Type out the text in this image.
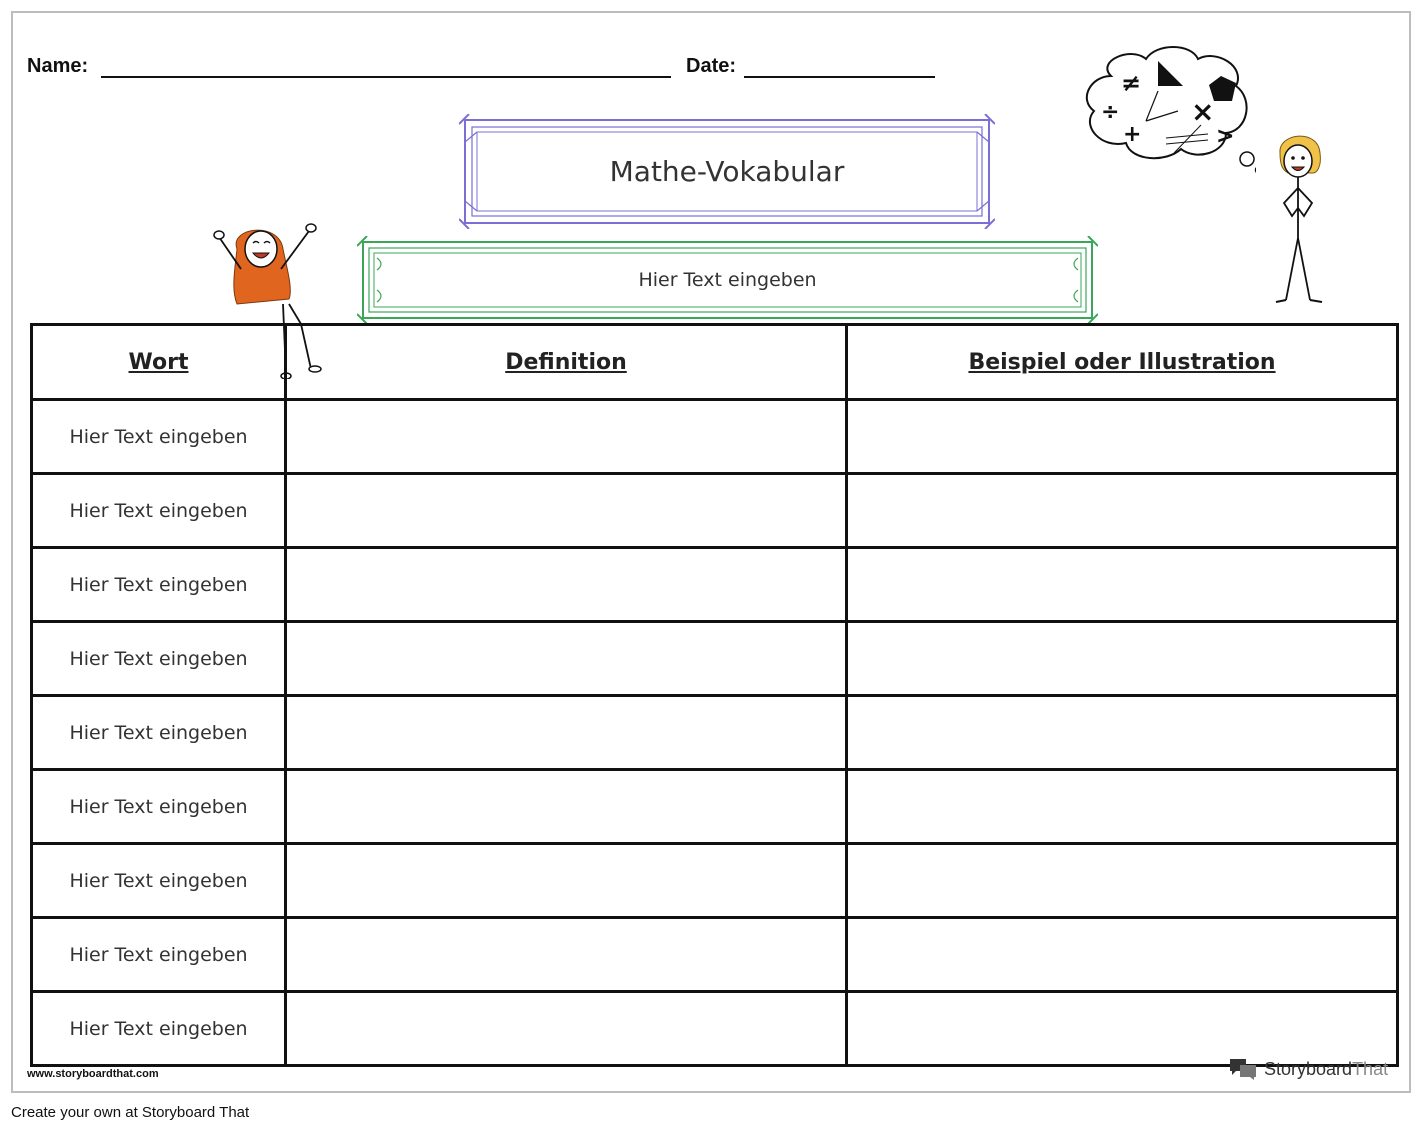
Name:	Date:
≠
÷	×
+	>
Mathe-Vokabular
Hier Text eingeben
Wort	Definition	Beispiel oder Illustration
Hier Text eingeben		
Hier Text eingeben		
Hier Text eingeben		
Hier Text eingeben		
Hier Text eingeben		
Hier Text eingeben		
Hier Text eingeben		
Hier Text eingeben		
Hier Text eingeben		
www.storyboardthat.com	StoryboardThat
Create your own at Storyboard That
